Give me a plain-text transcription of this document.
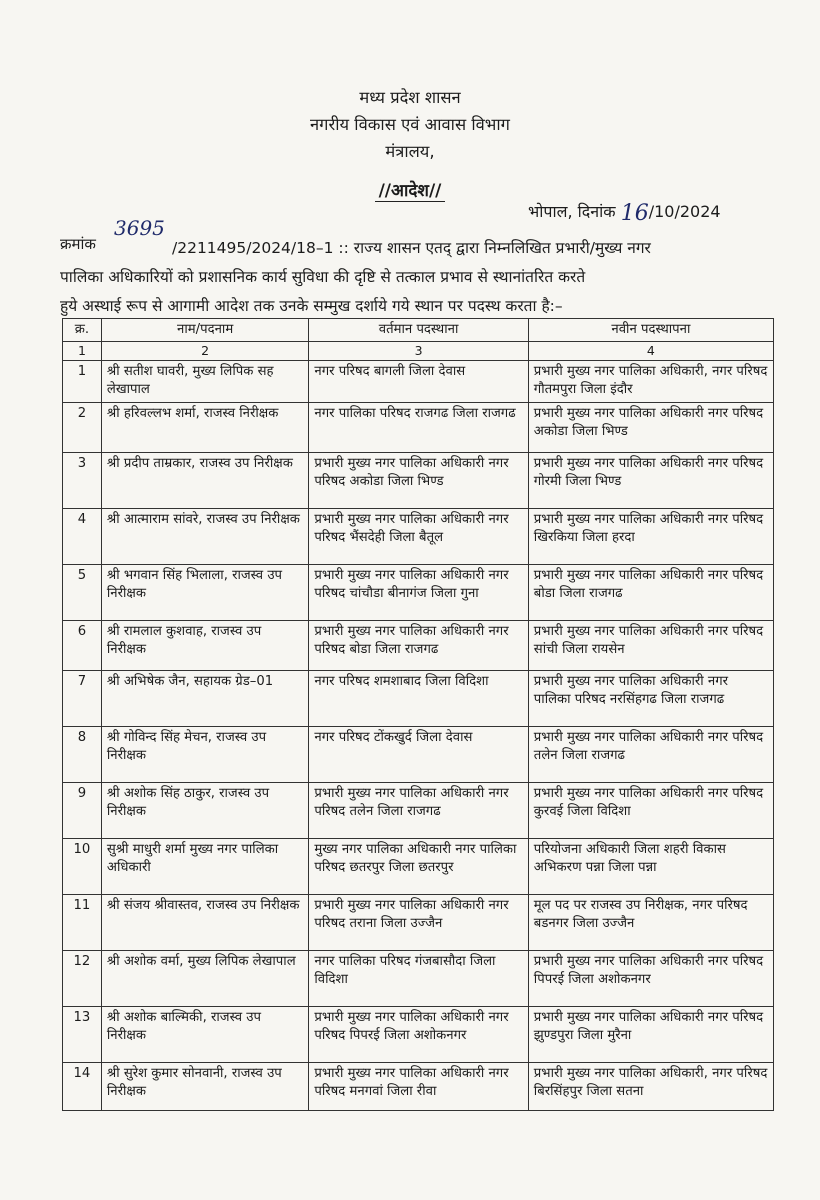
मध्य प्रदेश शासन
नगरीय विकास एवं आवास विभाग
मंत्रालय,
//आदेश//
भोपाल, दिनांक 16/10/2024
क्रमांक
3695
/2211495/2024/18–1 :: राज्य शासन एतद् द्वारा निम्नलिखित प्रभारी/मुख्य नगर
पालिका अधिकारियों को प्रशासनिक कार्य सुविधा की दृष्टि से तत्काल प्रभाव से स्थानांतरित करते
हुये अस्थाई रूप से आगामी आदेश तक उनके सम्मुख दर्शाये गये स्थान पर पदस्थ करता है:–
क्र.	नाम/पदनाम	वर्तमान पदस्थाना	नवीन पदस्थापना
1	2	3	4
1	श्री सतीश घावरी, मुख्य लिपिक सह लेखापाल	नगर परिषद बागली जिला देवास	प्रभारी मुख्य नगर पालिका अधिकारी, नगर परिषद गौतमपुरा जिला इंदौर
2	श्री हरिवल्लभ शर्मा, राजस्व निरीक्षक	नगर पालिका परिषद राजगढ जिला राजगढ	प्रभारी मुख्य नगर पालिका अधिकारी नगर परिषद अकोडा जिला भिण्ड
3	श्री प्रदीप ताम्रकार, राजस्व उप निरीक्षक	प्रभारी मुख्य नगर पालिका अधिकारी नगर परिषद अकोडा जिला भिण्ड	प्रभारी मुख्य नगर पालिका अधिकारी नगर परिषद गोरमी जिला भिण्ड
4	श्री आत्माराम सांवरे, राजस्व उप निरीक्षक	प्रभारी मुख्य नगर पालिका अधिकारी नगर परिषद भैंसदेही जिला बैतूल	प्रभारी मुख्य नगर पालिका अधिकारी नगर परिषद खिरकिया जिला हरदा
5	श्री भगवान सिंह भिलाला, राजस्व उप निरीक्षक	प्रभारी मुख्य नगर पालिका अधिकारी नगर परिषद चांचौडा बीनागंज जिला गुना	प्रभारी मुख्य नगर पालिका अधिकारी नगर परिषद बोडा जिला राजगढ
6	श्री रामलाल कुशवाह, राजस्व उप निरीक्षक	प्रभारी मुख्य नगर पालिका अधिकारी नगर परिषद बोडा जिला राजगढ	प्रभारी मुख्य नगर पालिका अधिकारी नगर परिषद सांची जिला रायसेन
7	श्री अभिषेक जैन, सहायक ग्रेड–01	नगर परिषद शमशाबाद जिला विदिशा	प्रभारी मुख्य नगर पालिका अधिकारी नगर पालिका परिषद नरसिंहगढ जिला राजगढ
8	श्री गोविन्द सिंह मेचन, राजस्व उप निरीक्षक	नगर परिषद टोंकखुर्द जिला देवास	प्रभारी मुख्य नगर पालिका अधिकारी नगर परिषद तलेन जिला राजगढ
9	श्री अशोक सिंह ठाकुर, राजस्व उप निरीक्षक	प्रभारी मुख्य नगर पालिका अधिकारी नगर परिषद तलेन जिला राजगढ	प्रभारी मुख्य नगर पालिका अधिकारी नगर परिषद कुरवई जिला विदिशा
10	सुश्री माधुरी शर्मा मुख्य नगर पालिका अधिकारी	मुख्य नगर पालिका अधिकारी नगर पालिका परिषद छतरपुर जिला छतरपुर	परियोजना अधिकारी जिला शहरी विकास अभिकरण पन्ना जिला पन्ना
11	श्री संजय श्रीवास्तव, राजस्व उप निरीक्षक	प्रभारी मुख्य नगर पालिका अधिकारी नगर परिषद तराना जिला उज्जैन	मूल पद पर राजस्व उप निरीक्षक, नगर परिषद बडनगर जिला उज्जैन
12	श्री अशोक वर्मा, मुख्य लिपिक लेखापाल	नगर पालिका परिषद गंजबासौदा जिला विदिशा	प्रभारी मुख्य नगर पालिका अधिकारी नगर परिषद पिपरई जिला अशोकनगर
13	श्री अशोक बाल्मिकी, राजस्व उप निरीक्षक	प्रभारी मुख्य नगर पालिका अधिकारी नगर परिषद पिपरई जिला अशोकनगर	प्रभारी मुख्य नगर पालिका अधिकारी नगर परिषद झुण्डपुरा जिला मुरैना
14	श्री सुरेश कुमार सोनवानी, राजस्व उप निरीक्षक	प्रभारी मुख्य नगर पालिका अधिकारी नगर परिषद मनगवां जिला रीवा	प्रभारी मुख्य नगर पालिका अधिकारी, नगर परिषद बिरसिंहपुर जिला सतना
